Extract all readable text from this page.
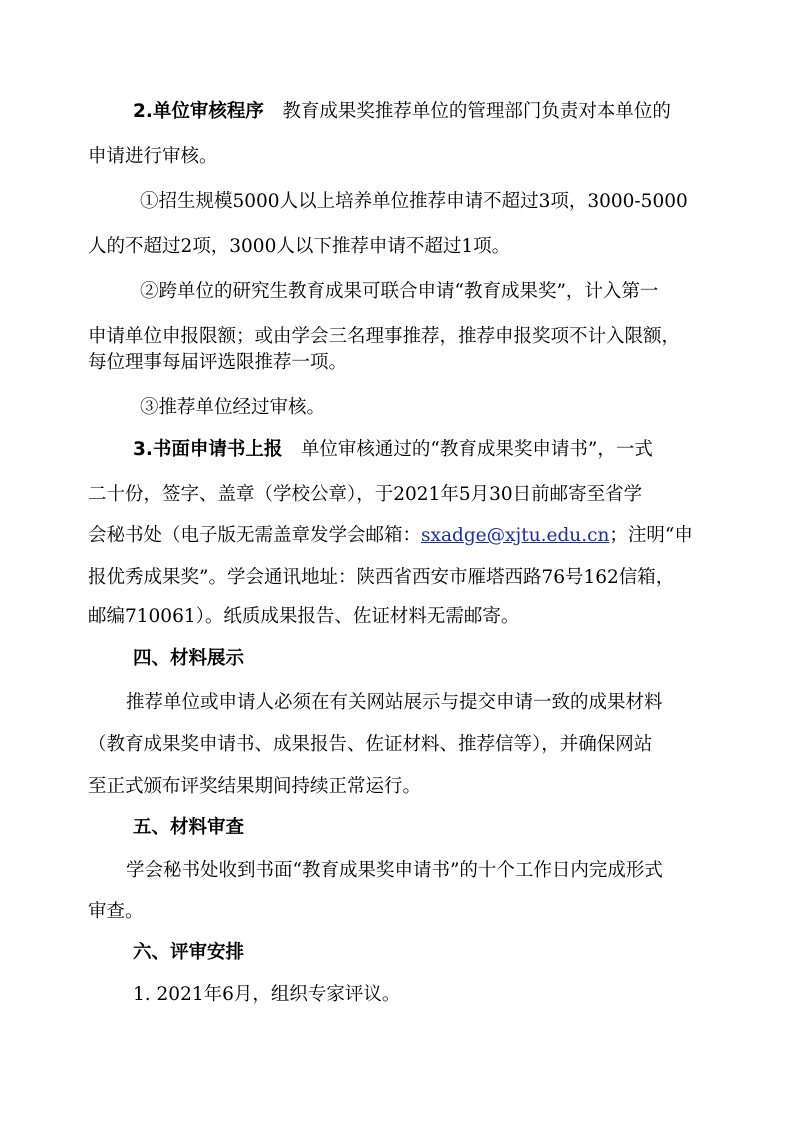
2.单位审核程序　教育成果奖推荐单位的管理部门负责对本单位的
申请进行审核。
①招生规模5000人以上培养单位推荐申请不超过3项，3000-5000
人的不超过2项，3000人以下推荐申请不超过1项。
②跨单位的研究生教育成果可联合申请“教育成果奖”，计入第一
申请单位申报限额；或由学会三名理事推荐，推荐申报奖项不计入限额，
每位理事每届评选限推荐一项。
③推荐单位经过审核。
3.书面申请书上报　单位审核通过的“教育成果奖申请书”，一式
二十份，签字、盖章（学校公章），于2021年5月30日前邮寄至省学
会秘书处（电子版无需盖章发学会邮箱：sxadge@xjtu.edu.cn；注明“申
报优秀成果奖”。学会通讯地址：陕西省西安市雁塔西路76号162信箱，
邮编710061）。纸质成果报告、佐证材料无需邮寄。
四、材料展示
推荐单位或申请人必须在有关网站展示与提交申请一致的成果材料
（教育成果奖申请书、成果报告、佐证材料、推荐信等），并确保网站
至正式颁布评奖结果期间持续正常运行。
五、材料审查
学会秘书处收到书面“教育成果奖申请书”的十个工作日内完成形式
审查。
六、评审安排
1. 2021年6月，组织专家评议。
